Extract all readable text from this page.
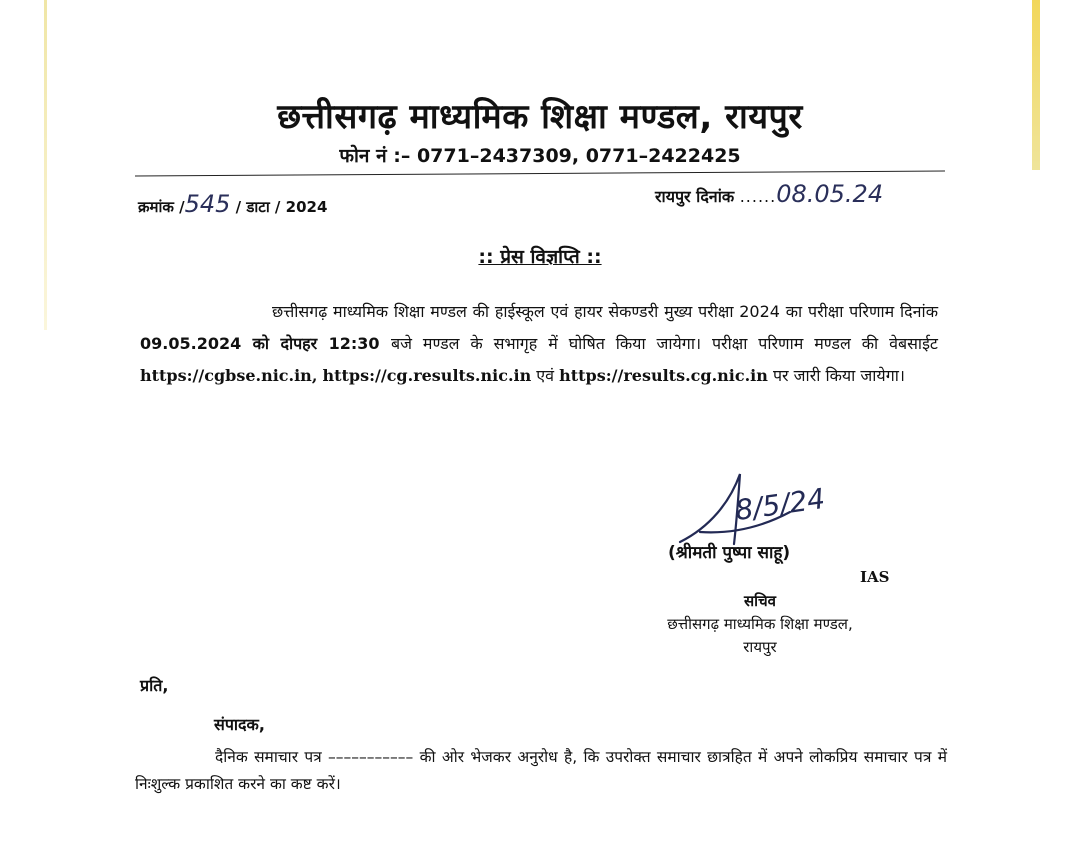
छत्तीसगढ़ माध्यमिक शिक्षा मण्डल, रायपुर
फोन नं :– 0771–2437309, 0771–2422425
क्रमांक /545 / डाटा / 2024
रायपुर दिनांक ......08.05.24
:: प्रेस विज्ञप्ति ::

छत्तीसगढ़ माध्यमिक शिक्षा मण्डल की हाईस्कूल एवं हायर सेकण्डरी मुख्य परीक्षा 2024 का परीक्षा परिणाम दिनांक 09.05.2024 को दोपहर 12:30 बजे मण्डल के सभागृह में घोषित किया जायेगा। परीक्षा परिणाम मण्डल की वेबसाईट https://cgbse.nic.in, https://cg.results.nic.in एवं https://results.cg.nic.in पर जारी किया जायेगा।

8/5/24
(श्रीमती पुष्पा साहू)
IAS
सचिव
छत्तीसगढ़ माध्यमिक शिक्षा मण्डल,
रायपुर
प्रति,
संपादक,

दैनिक समाचार पत्र ––––––––––– की ओर भेजकर अनुरोध है, कि उपरोक्त समाचार छात्रहित में अपने लोकप्रिय समाचार पत्र में निःशुल्क प्रकाशित करने का कष्ट करें।
